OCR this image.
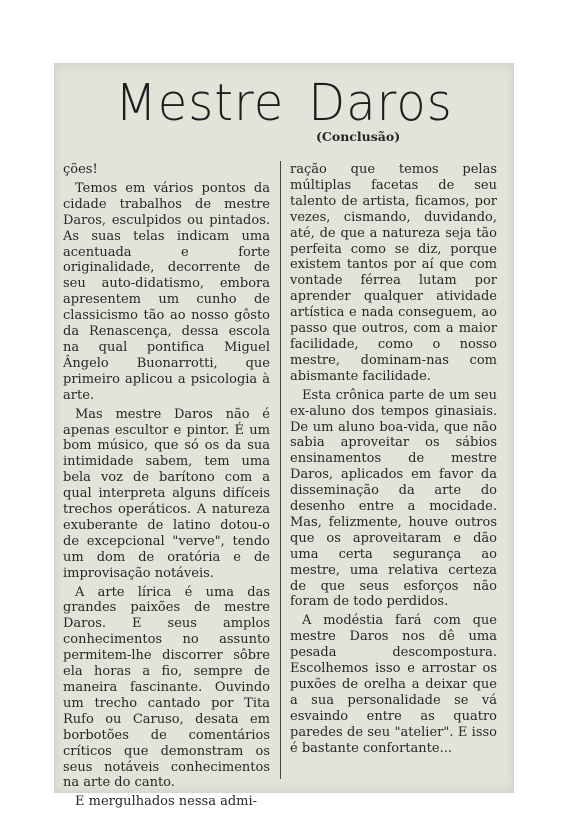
Mestre Daros
(Conclusão)

ções!

Temos em vários pontos da cidade trabalhos de mestre Daros, esculpidos ou pintados. As suas telas indicam uma acentuada e forte originalidade, decorrente de seu auto-didatismo, embora apresentem um cunho de classicismo tão ao nosso gôsto da Renascença, dessa escola na qual pontifica Miguel Ângelo Buonarrotti, que primeiro aplicou a psicologia à arte.

Mas mestre Daros não é apenas escultor e pintor. É um bom músico, que só os da sua intimidade sabem, tem uma bela voz de barítono com a qual interpreta alguns difíceis trechos operáticos. A natureza exuberante de latino dotou-o de excepcional "verve", tendo um dom de oratória e de improvisação notáveis.

A arte lírica é uma das grandes paixões de mestre Daros. E seus amplos conhecimentos no assunto permitem-lhe discorrer sôbre ela horas a fio, sempre de maneira fascinante. Ouvindo um trecho cantado por Tita Rufo ou Caruso, desata em borbotões de comentários críticos que demonstram os seus notáveis conhecimentos na arte do canto.

E mergulhados nessa admi-

ração que temos pelas múltiplas facetas de seu talento de artista, ficamos, por vezes, cismando, duvidando, até, de que a natureza seja tão perfeita como se diz, porque existem tantos por aí que com vontade férrea lutam por aprender qualquer atividade artística e nada conseguem, ao passo que outros, com a maior facilidade, como o nosso mestre, dominam-nas com abismante facilidade.

Esta crônica parte de um seu ex-aluno dos tempos ginasiais. De um aluno boa-vida, que não sabia aproveitar os sábios ensinamentos de mestre Daros, aplicados em favor da disseminação da arte do desenho entre a mocidade. Mas, felizmente, houve outros que os aproveitaram e dão uma certa segurança ao mestre, uma relativa certeza de que seus esforços não foram de todo perdidos.

A modéstia fará com que mestre Daros nos dê uma pesada descompostura. Escolhemos isso e arrostar os puxões de orelha a deixar que a sua personalidade se vá esvaindo entre as quatro paredes de seu "atelier". E isso é bastante confortante...
